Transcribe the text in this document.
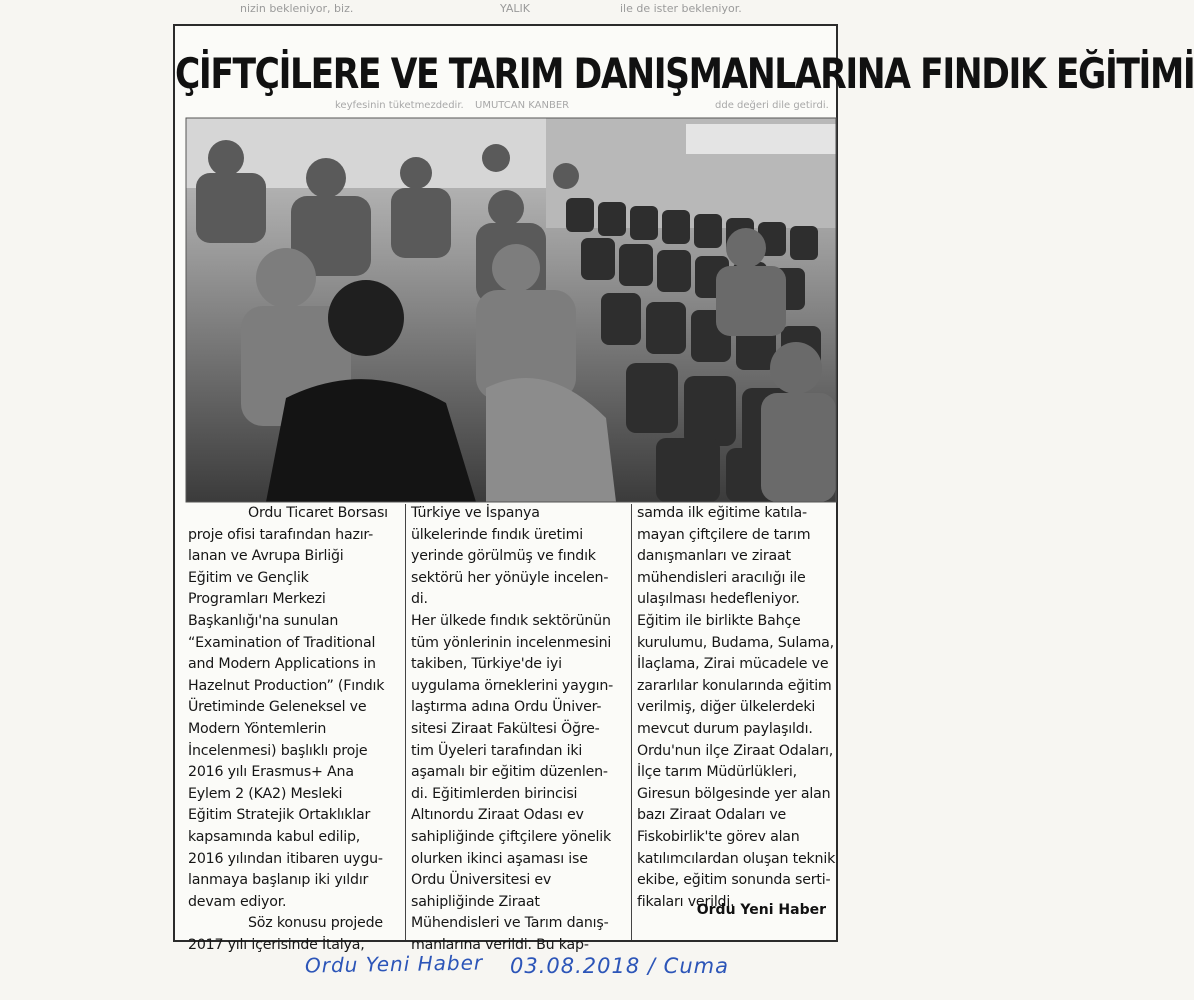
nizin bekleniyor, biz.	YALIK	ile de ister bekleniyor.
ÇİFTÇİLERE VE TARIM DANIŞMANLARINA FINDIK EĞİTİMİ
dde değeri dile getirdi.
keyfesinin tüketmezdedir. UMUTCAN KANBER

Ordu Ticaret Borsası

proje ofisi tarafından hazır-

lanan ve Avrupa Birliği

Eğitim ve Gençlik

Programları Merkezi

Başkanlığı'na sunulan

“Examination of Traditional

and Modern Applications in

Hazelnut Production” (Fındık

Üretiminde Geleneksel ve

Modern Yöntemlerin

İncelenmesi) başlıklı proje

2016 yılı Erasmus+ Ana

Eylem 2 (KA2) Mesleki

Eğitim Stratejik Ortaklıklar

kapsamında kabul edilip,

2016 yılından itibaren uygu-

lanmaya başlanıp iki yıldır

devam ediyor.

Söz konusu projede

2017 yılı içerisinde İtalya,

Türkiye ve İspanya

ülkelerinde fındık üretimi

yerinde görülmüş ve fındık

sektörü her yönüyle incelen-

di.

Her ülkede fındık sektörünün

tüm yönlerinin incelenmesini

takiben, Türkiye'de iyi

uygulama örneklerini yaygın-

laştırma adına Ordu Üniver-

sitesi Ziraat Fakültesi Öğre-

tim Üyeleri tarafından iki

aşamalı bir eğitim düzenlen-

di. Eğitimlerden birincisi

Altınordu Ziraat Odası ev

sahipliğinde çiftçilere yönelik

olurken ikinci aşaması ise

Ordu Üniversitesi ev

sahipliğinde Ziraat

Mühendisleri ve Tarım danış-

manlarına verildi. Bu kap-

samda ilk eğitime katıla-

mayan çiftçilere de tarım

danışmanları ve ziraat

mühendisleri aracılığı ile

ulaşılması hedefleniyor.

Eğitim ile birlikte Bahçe

kurulumu, Budama, Sulama,

İlaçlama, Zirai mücadele ve

zararlılar konularında eğitim

verilmiş, diğer ülkelerdeki

mevcut durum paylaşıldı.

Ordu'nun ilçe Ziraat Odaları,

İlçe tarım Müdürlükleri,

Giresun bölgesinde yer alan

bazı Ziraat Odaları ve

Fiskobirlik'te görev alan

katılımcılardan oluşan teknik

ekibe, eğitim sonunda serti-

fikaları verildi.

Ordu Yeni Haber
Ordu Yeni Haber 03.08.2018 / Cuma
